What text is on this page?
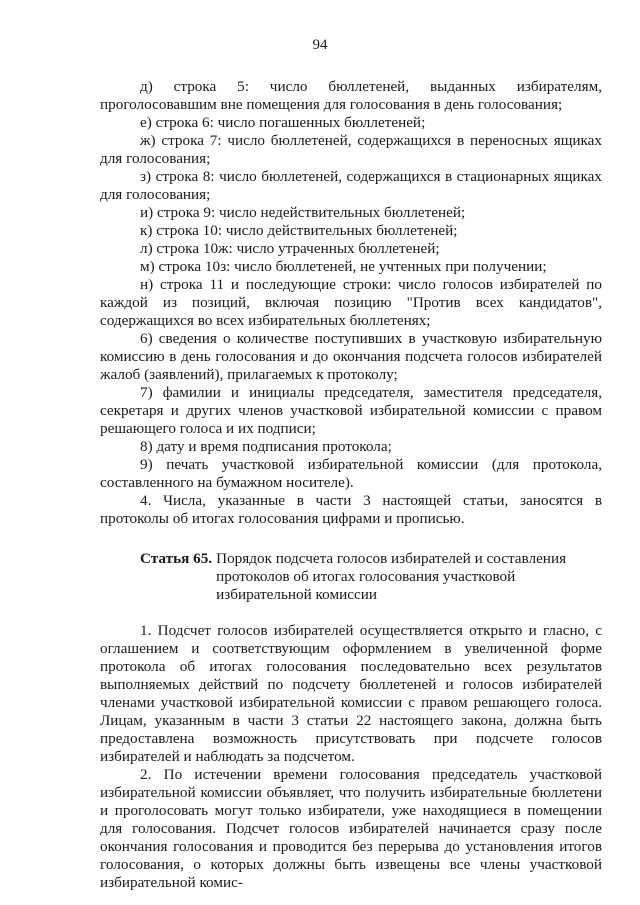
94

д) строка 5: число бюллетеней, выданных избирателям, проголосовавшим вне помещения для голосования в день голосования;

е) строка 6: число погашенных бюллетеней;

ж) строка 7: число бюллетеней, содержащихся в переносных ящиках для голосования;

з) строка 8: число бюллетеней, содержащихся в стационарных ящиках для голосования;

и) строка 9: число недействительных бюллетеней;

к) строка 10: число действительных бюллетеней;

л) строка 10ж: число утраченных бюллетеней;

м) строка 10з: число бюллетеней, не учтенных при получении;

н) строка 11 и последующие строки: число голосов избирателей по каждой из позиций, включая позицию "Против всех кандидатов", содержащихся во всех избирательных бюллетенях;

6) сведения о количестве поступивших в участковую избирательную комиссию в день голосования и до окончания подсчета голосов избирателей жалоб (заявлений), прилагаемых к протоколу;

7) фамилии и инициалы председателя, заместителя председателя, секретаря и других членов участковой избирательной комиссии с правом решающего голоса и их подписи;

8) дату и время подписания протокола;

9) печать участковой избирательной комиссии (для протокола, составленного на бумажном носителе).

4. Числа, указанные в части 3 настоящей статьи, заносятся в протоколы об итогах голосования цифрами и прописью.

Статья 65. Порядок подсчета голосов избирателей и составления протоколов об итогах голосования участковой избирательной комиссии

1. Подсчет голосов избирателей осуществляется открыто и гласно, с оглашением и соответствующим оформлением в увеличенной форме протокола об итогах голосования последовательно всех результатов выполняемых действий по подсчету бюллетеней и голосов избирателей членами участковой избирательной комиссии с правом решающего голоса. Лицам, указанным в части 3 статьи 22 настоящего закона, должна быть предоставлена возможность присутствовать при подсчете голосов избирателей и наблюдать за подсчетом.

2. По истечении времени голосования председатель участковой избирательной комиссии объявляет, что получить избирательные бюллетени и проголосовать могут только избиратели, уже находящиеся в помещении для голосования. Подсчет голосов избирателей начинается сразу после окончания голосования и проводится без перерыва до установления итогов голосования, о которых должны быть извещены все члены участковой избирательной комис-
